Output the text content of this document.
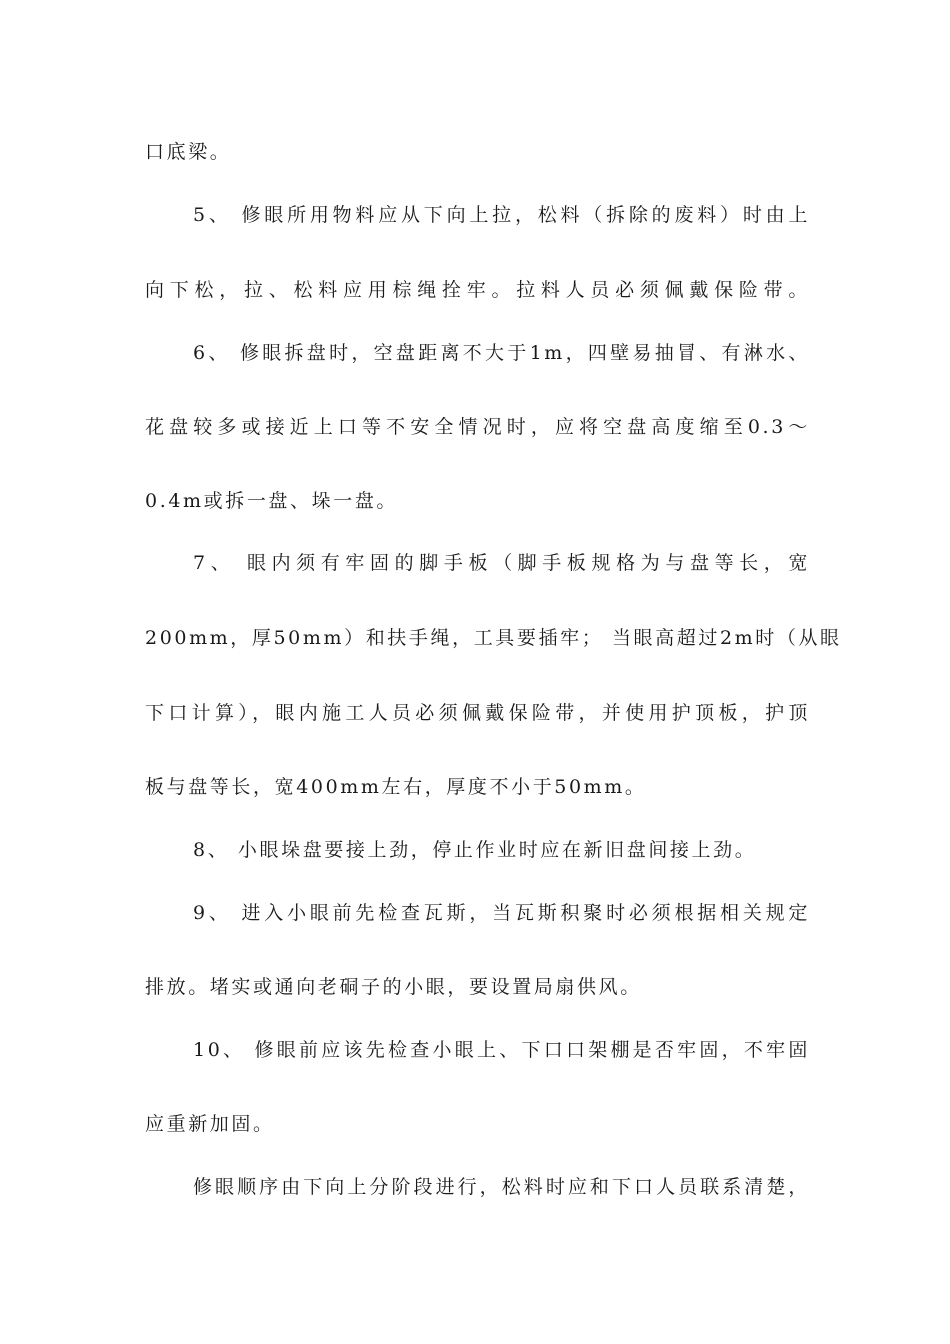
口底梁。
5、 修眼所用物料应从下向上拉，松料（拆除的废料）时由上
向下松，拉、松料应用棕绳拴牢。拉料人员必须佩戴保险带。
6、 修眼拆盘时，空盘距离不大于1m，四壁易抽冒、有淋水、
花盘较多或接近上口等不安全情况时，应将空盘高度缩至0.3～
0.4m或拆一盘、垛一盘。
7、 眼内须有牢固的脚手板（脚手板规格为与盘等长，宽
200mm，厚50mm）和扶手绳，工具要插牢； 当眼高超过2m时（从眼
下口计算），眼内施工人员必须佩戴保险带，并使用护顶板，护顶
板与盘等长，宽400mm左右，厚度不小于50mm。
8、 小眼垛盘要接上劲，停止作业时应在新旧盘间接上劲。
9、 进入小眼前先检查瓦斯，当瓦斯积聚时必须根据相关规定
排放。堵实或通向老硐子的小眼，要设置局扇供风。
10、 修眼前应该先检查小眼上、下口口架棚是否牢固，不牢固
应重新加固。
修眼顺序由下向上分阶段进行，松料时应和下口人员联系清楚，
